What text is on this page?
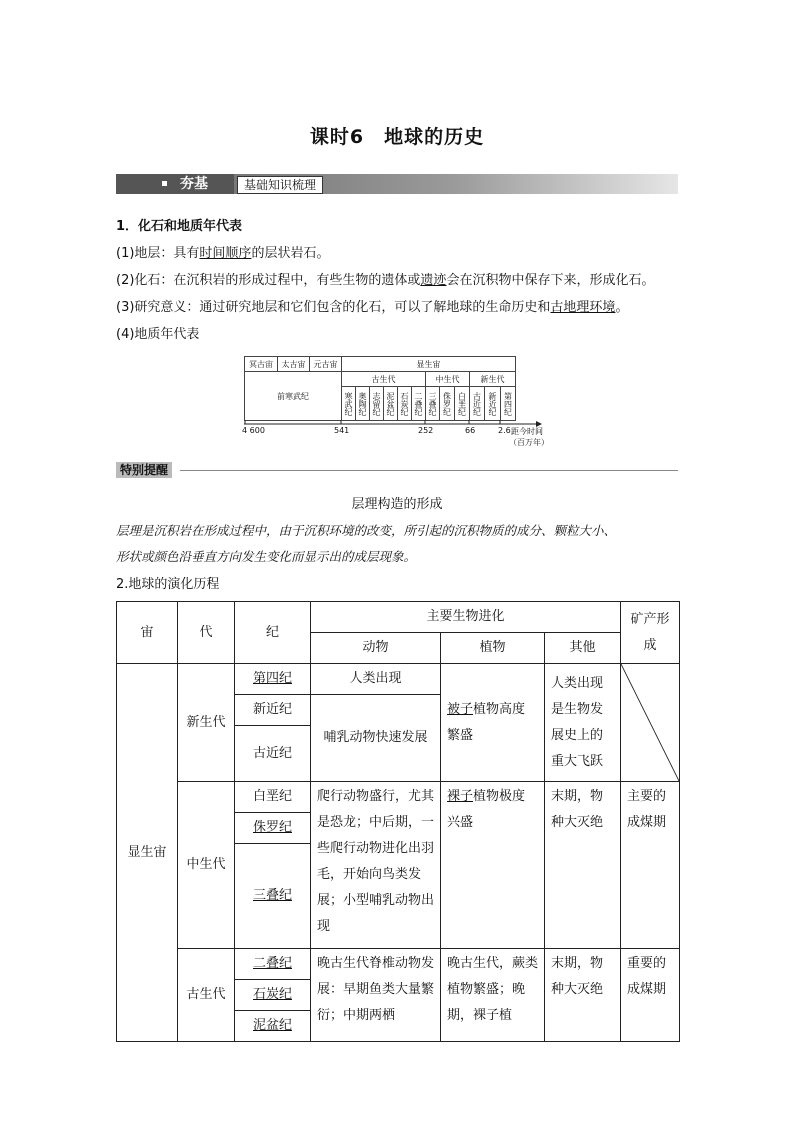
课时6　地球的历史
夯基	基础知识梳理
1．化石和地质年代表
(1)地层：具有时间顺序的层状岩石。
(2)化石：在沉积岩的形成过程中，有些生物的遗体或遗迹会在沉积物中保存下来，形成化石。
(3)研究意义：通过研究地层和它们包含的化石，可以了解地球的生命历史和古地理环境。
(4)地质年代表
冥古宙	太古宙	元古宙	显生宙
前寒武纪
古生代	中生代	新生代
寒武纪 奥陶纪 志留纪 泥盆纪 石炭纪 二叠纪 三叠纪 侏罗纪 白垩纪 古近纪 新近纪 第四纪
4 600	541	252	66	2.6 距今时间
（百万年）
特别提醒
层理构造的形成
层理是沉积岩在形成过程中，由于沉积环境的改变，所引起的沉积物质的成分、颗粒大小、
形状或颜色沿垂直方向发生变化而显示出的成层现象。
2.地球的演化历程
宙	代	纪	主要生物进化			矿产形成
			动物	植物	其他	
显生宙	新生代	第四纪	人类出现	被子植物高度繁盛	人类出现是生物发展史上的重大飞跃	

		新近纪	哺乳动物快速发展			
		古近纪				
	中生代	白垩纪	爬行动物盛行，尤其是恐龙；中后期，一些爬行动物进化出羽毛，开始向鸟类发展；小型哺乳动物出现	裸子植物极度兴盛	末期，物种大灭绝	主要的成煤期
		侏罗纪				
		三叠纪				

	古生代	二叠纪	晚古生代脊椎动物发展：早期鱼类大量繁衍；中期两栖	晚古生代，蕨类植物繁盛；晚期，裸子植	末期，物种大灭绝	重要的成煤期
		石炭纪				
		泥盆纪				
